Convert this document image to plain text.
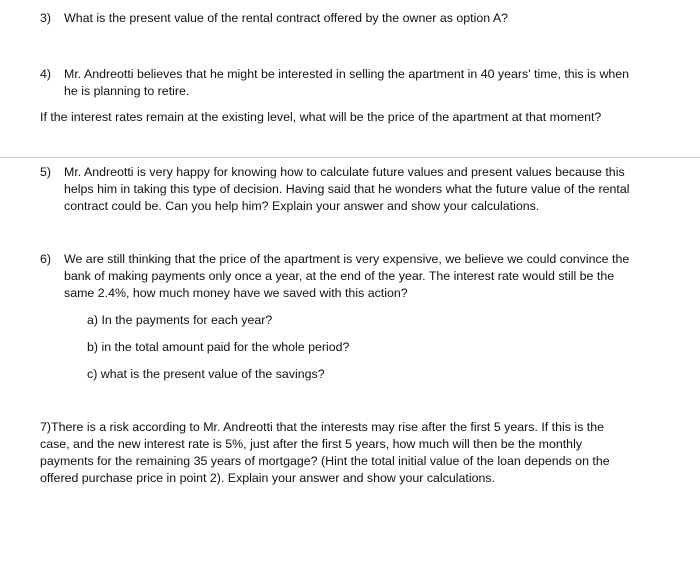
3) What is the present value of the rental contract offered by the owner as option A?
4) Mr. Andreotti believes that he might be interested in selling the apartment in 40 years' time, this is when
he is planning to retire.
If the interest rates remain at the existing level, what will be the price of the apartment at that moment?
5) Mr. Andreotti is very happy for knowing how to calculate future values and present values because this
helps him in taking this type of decision. Having said that he wonders what the future value of the rental
contract could be. Can you help him? Explain your answer and show your calculations.
6) We are still thinking that the price of the apartment is very expensive, we believe we could convince the
bank of making payments only once a year, at the end of the year. The interest rate would still be the
same 2.4%, how much money have we saved with this action?
a) In the payments for each year?
b) in the total amount paid for the whole period?
c) what is the present value of the savings?
7)There is a risk according to Mr. Andreotti that the interests may rise after the first 5 years. If this is the
case, and the new interest rate is 5%, just after the first 5 years, how much will then be the monthly
payments for the remaining 35 years of mortgage? (Hint the total initial value of the loan depends on the
offered purchase price in point 2). Explain your answer and show your calculations.
